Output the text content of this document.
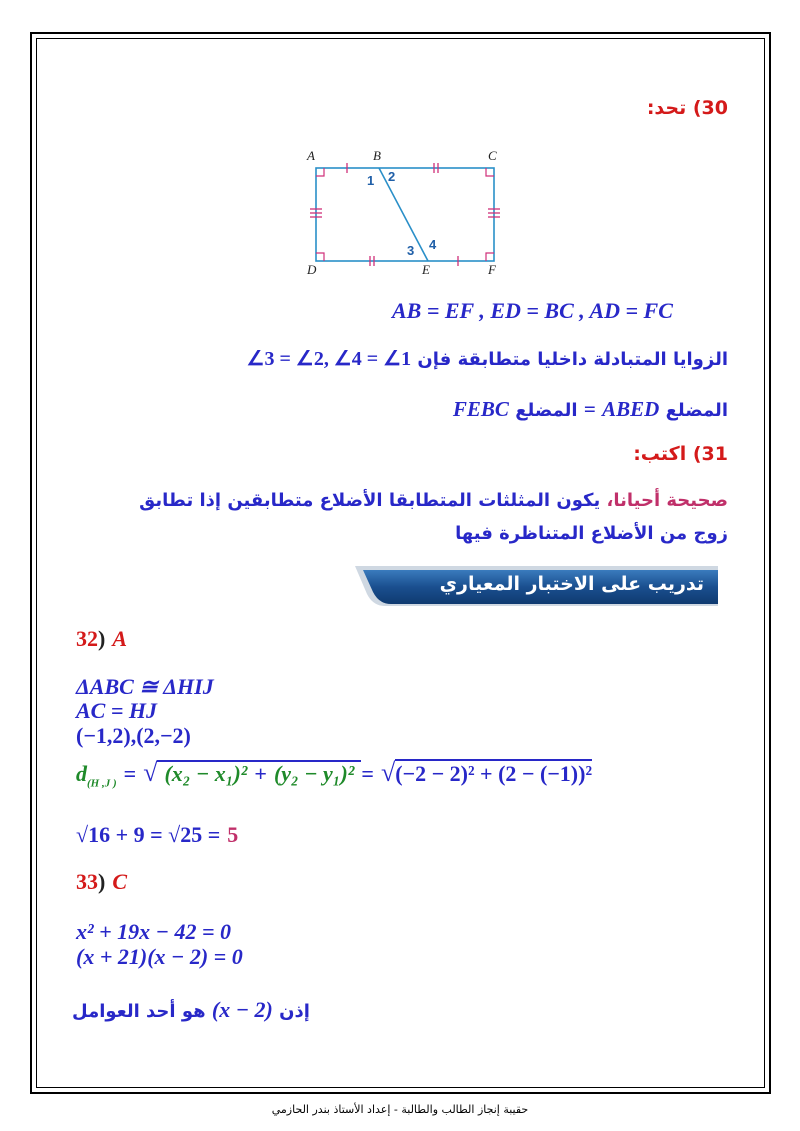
30) تحد:
A	B	C
D	E	F
1 2
3 4
AB = EF , ED = BC , AD = FC
الزوايا المتبادلة داخليا متطابقة فإن ∠3 = ∠2, ∠4 = ∠1
المضلع ABED = المضلع FEBC
31) اكتب:
صحيحة أحيانا، يكون المثلثات المتطابقا الأضلاع متطابقين إذا تطابق زوج من الأضلاع المتناظرة فيها
تدريب على الاختبار المعياري
32) A
ΔABC ≅ ΔHIJ
AC = HJ
(−1,2),(2,−2)
$d_{(H ,J )}$ = √ (x₂ − x₁)² + (y₂ − y₁)² = √(−2 − 2)² + (2 − (−1))²
√16 + 9 = √25 = 5
33) C
x² + 19x − 42 = 0
(x + 21)(x − 2) = 0
إذن (x − 2) هو أحد العوامل
حقيبة إنجاز الطالب والطالبة - إعداد الأستاذ بندر الحازمي
